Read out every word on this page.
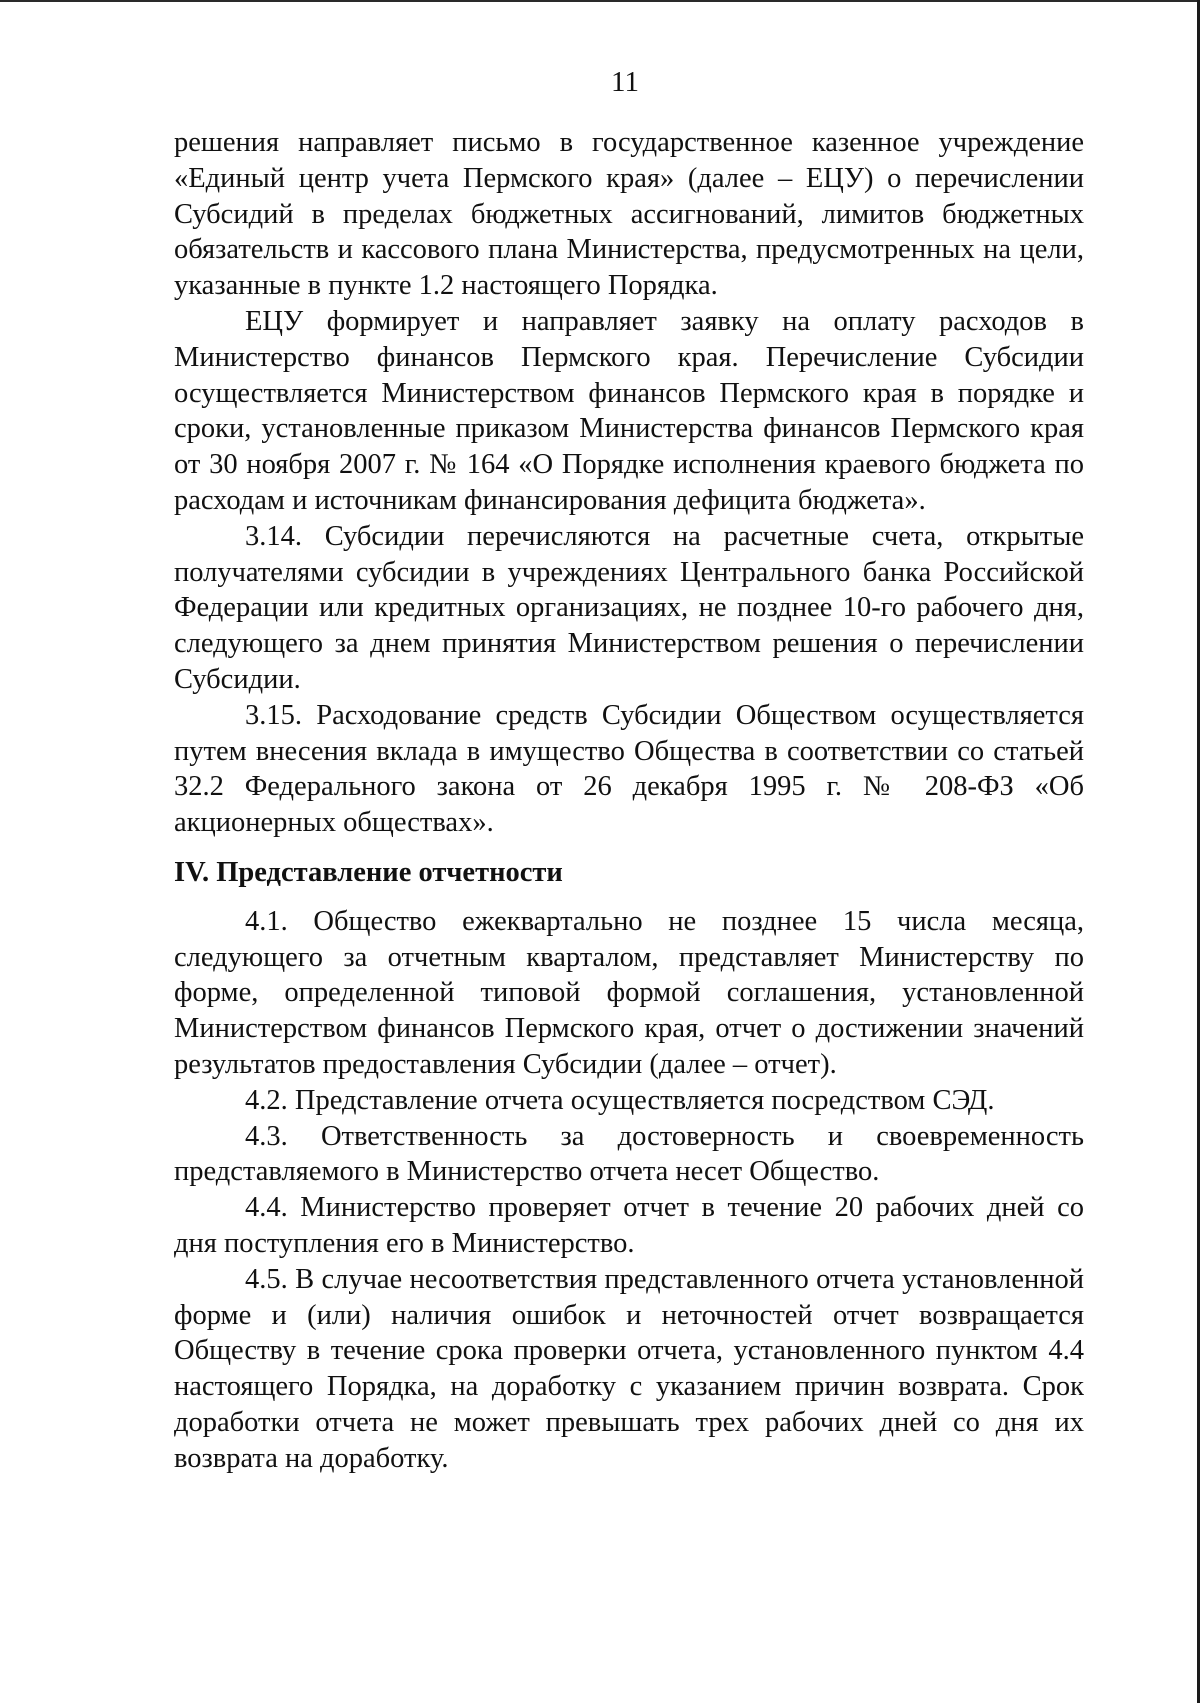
11

решения направляет письмо в государственное казенное учреждение «Единый центр учета Пермского края» (далее – ЕЦУ) о перечислении Субсидий в пределах бюджетных ассигнований, лимитов бюджетных обязательств и кассового плана Министерства, предусмотренных на цели, указанные в пункте 1.2 настоящего Порядка.

ЕЦУ формирует и направляет заявку на оплату расходов в Министерство финансов Пермского края. Перечисление Субсидии осуществляется Министерством финансов Пермского края в порядке и сроки, установленные приказом Министерства финансов Пермского края от 30 ноября 2007 г. № 164 «О Порядке исполнения краевого бюджета по расходам и источникам финансирования дефицита бюджета».

3.14. Субсидии перечисляются на расчетные счета, открытые получателями субсидии в учреждениях Центрального банка Российской Федерации или кредитных организациях, не позднее 10-го рабочего дня, следующего за днем принятия Министерством решения о перечислении Субсидии.

3.15. Расходование средств Субсидии Обществом осуществляется путем внесения вклада в имущество Общества в соответствии со статьей 32.2 Федерального закона от 26 декабря 1995 г. № 208-ФЗ «Об акционерных обществах».

IV. Представление отчетности

4.1. Общество ежеквартально не позднее 15 числа месяца, следующего за отчетным кварталом, представляет Министерству по форме, определенной типовой формой соглашения, установленной Министерством финансов Пермского края, отчет о достижении значений результатов предоставления Субсидии (далее – отчет).

4.2. Представление отчета осуществляется посредством СЭД.

4.3. Ответственность за достоверность и своевременность представляемого в Министерство отчета несет Общество.

4.4. Министерство проверяет отчет в течение 20 рабочих дней со дня поступления его в Министерство.

4.5. В случае несоответствия представленного отчета установленной форме и (или) наличия ошибок и неточностей отчет возвращается Обществу в течение срока проверки отчета, установленного пунктом 4.4 настоящего Порядка, на доработку с указанием причин возврата. Срок доработки отчета не может превышать трех рабочих дней со дня их возврата на доработку.
